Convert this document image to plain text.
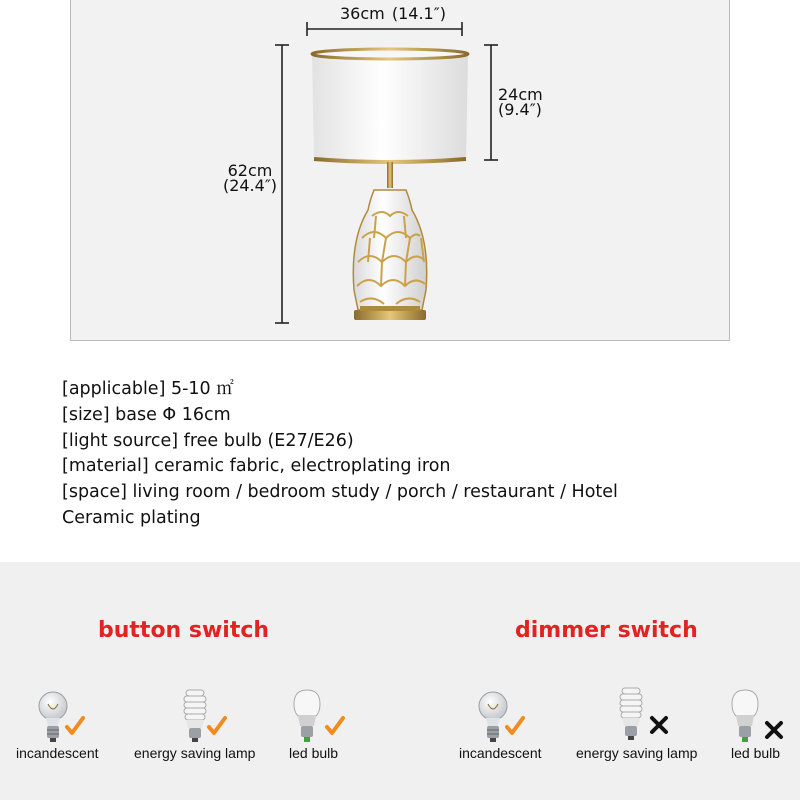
36cm (14.1″)
24cm
(9.4″)
62cm
(24.4″)
[applicable] 5-10 ㎡
[size] base Φ 16cm
[light source] free bulb (E27/E26)
[material] ceramic fabric, electroplating iron
[space] living room / bedroom study / porch / restaurant / Hotel
Ceramic plating
button switch	dimmer switch
incandescent	energy saving lamp led bulb	incandescent energy saving lamp led bulb
